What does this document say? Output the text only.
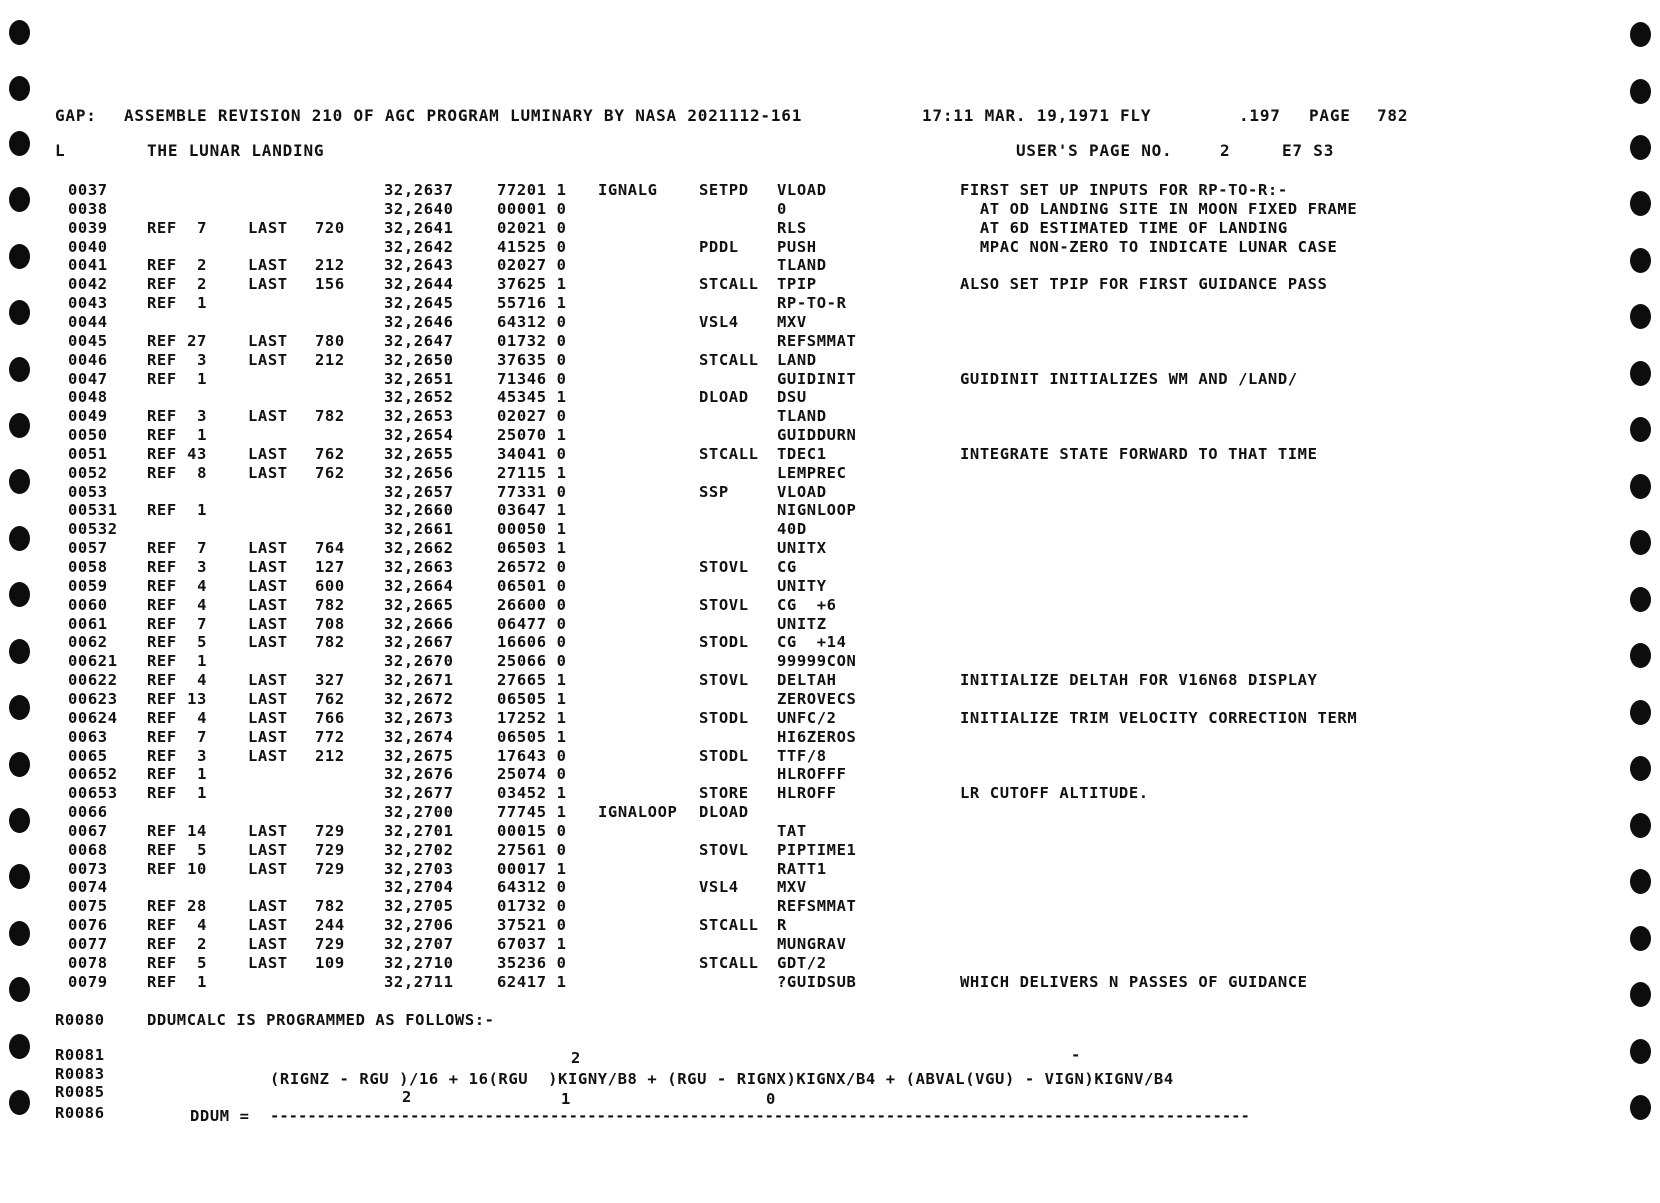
GAP: ASSEMBLE REVISION 210 OF AGC PROGRAM LUMINARY BY NASA 2021112-161	17:11 MAR. 19,1971 FLY	.197 PAGE 782
L	THE LUNAR LANDING	USER'S PAGE NO.	2	E7 S3
0037	32,2637	77201 1 IGNALG	SETPD VLOAD	FIRST SET UP INPUTS FOR RP-TO-R:-
0038	32,2640	00001 0	0	AT OD LANDING SITE IN MOON FIXED FRAME
0039	REF	7	LAST 720	32,2641	02021 0	RLS	AT 6D ESTIMATED TIME OF LANDING
0040	32,2642	41525 0	PDDL PUSH	MPAC NON-ZERO TO INDICATE LUNAR CASE
0041	REF	2	LAST 212	32,2643	02027 0	TLAND
0042	REF	2	LAST 156	32,2644	37625 1	STCALL TPIP	ALSO SET TPIP FOR FIRST GUIDANCE PASS
0043	REF	1	32,2645	55716 1	RP-TO-R
0044	32,2646	64312 0	VSL4 MXV
0045	REF 27	LAST 780	32,2647	01732 0	REFSMMAT
0046	REF	3	LAST 212	32,2650	37635 0	STCALL LAND
0047	REF	1	32,2651	71346 0	GUIDINIT	GUIDINIT INITIALIZES WM AND /LAND/
0048	32,2652	45345 1	DLOAD DSU
0049	REF	3	LAST 782	32,2653	02027 0	TLAND
0050	REF	1	32,2654	25070 1	GUIDDURN
0051	REF 43	LAST 762	32,2655	34041 0	STCALL TDEC1	INTEGRATE STATE FORWARD TO THAT TIME
0052	REF	8	LAST 762	32,2656	27115 1	LEMPREC
0053	32,2657	77331 0	SSP	VLOAD
00531 REF	1	32,2660	03647 1	NIGNLOOP
00532	32,2661	00050 1	40D
0057	REF	7	LAST 764	32,2662	06503 1	UNITX
0058	REF	3	LAST 127	32,2663	26572 0	STOVL CG
0059	REF	4	LAST 600	32,2664	06501 0	UNITY
0060	REF	4	LAST 782	32,2665	26600 0	STOVL CG  +6
0061	REF	7	LAST 708	32,2666	06477 0	UNITZ
0062	REF	5	LAST 782	32,2667	16606 0	STODL CG  +14
00621 REF	1	32,2670	25066 0	99999CON
00622 REF	4	LAST 327	32,2671	27665 1	STOVL DELTAH	INITIALIZE DELTAH FOR V16N68 DISPLAY
00623 REF 13	LAST 762	32,2672	06505 1	ZEROVECS
00624 REF	4	LAST 766	32,2673	17252 1	STODL UNFC/2	INITIALIZE TRIM VELOCITY CORRECTION TERM
0063	REF	7	LAST 772	32,2674	06505 1	HI6ZEROS
0065	REF	3	LAST 212	32,2675	17643 0	STODL TTF/8
00652 REF	1	32,2676	25074 0	HLROFFF
00653 REF	1	32,2677	03452 1	STORE HLROFF	LR CUTOFF ALTITUDE.
0066	32,2700	77745 1 IGNALOOP DLOAD
0067	REF 14	LAST 729	32,2701	00015 0	TAT
0068	REF	5	LAST 729	32,2702	27561 0	STOVL PIPTIME1
0073	REF 10	LAST 729	32,2703	00017 1	RATT1
0074	32,2704	64312 0	VSL4 MXV
0075	REF 28	LAST 782	32,2705	01732 0	REFSMMAT
0076	REF	4	LAST 244	32,2706	37521 0	STCALL R
0077	REF	2	LAST 729	32,2707	67037 1	MUNGRAV
0078	REF	5	LAST 109	32,2710	35236 0	STCALL GDT/2
0079	REF	1	32,2711	62417 1	?GUIDSUB	WHICH DELIVERS N PASSES OF GUIDANCE
R0080	DDUMCALC IS PROGRAMMED AS FOLLOWS:-
R0081	2	-
R0083	(RIGNZ - RGU )/16 + 16(RGU  )KIGNY/B8 + (RGU - RIGNX)KIGNX/B4 + (ABVAL(VGU) - VIGN)KIGNV/B4
R0085	2	1	0
R0086	DDUM = ---------------------------------------------------------------------------------------------------------
